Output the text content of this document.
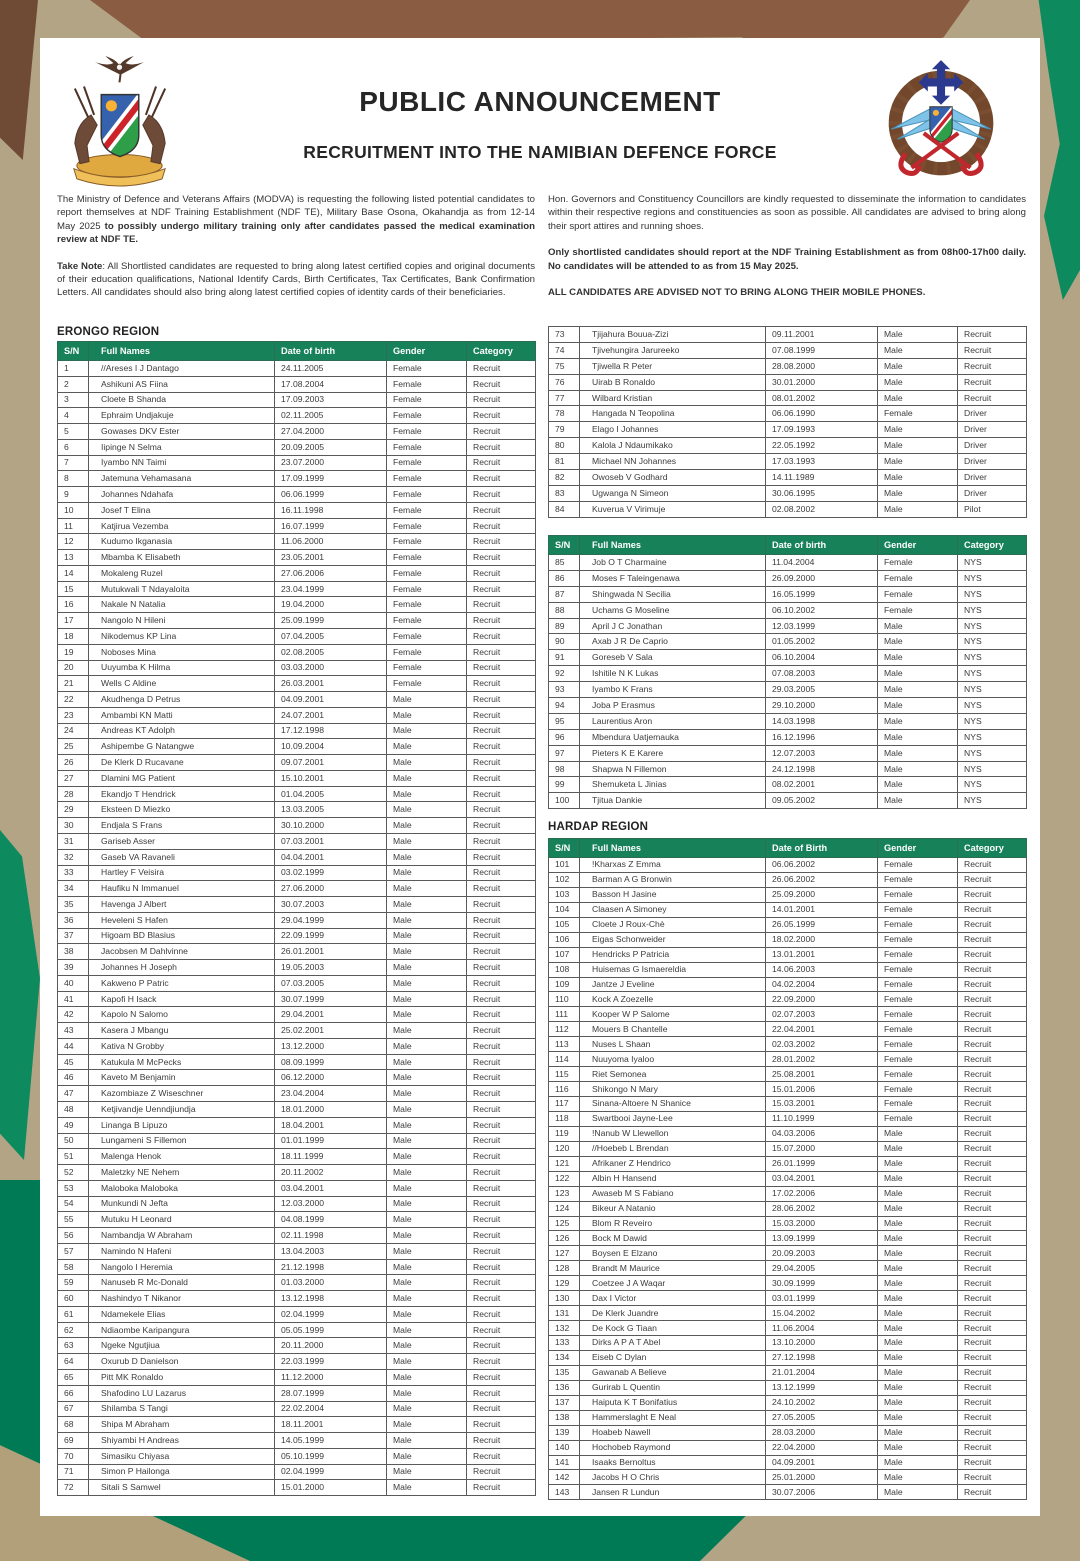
PUBLIC ANNOUNCEMENT
RECRUITMENT INTO THE NAMIBIAN DEFENCE FORCE

The Ministry of Defence and Veterans Affairs (MODVA) is requesting the following listed potential candidates to report themselves at NDF Training Establishment (NDF TE), Military Base Osona, Okahandja as from 12-14 May 2025 to possibly undergo military training only after candidates passed the medical examination review at NDF TE.

Take Note: All Shortlisted candidates are requested to bring along latest certified copies and original documents of their education qualifications, National Identify Cards, Birth Certificates, Tax Certificates, Bank Confirmation Letters. All candidates should also bring along latest certified copies of identity cards of their beneficiaries.

Hon. Governors and Constituency Councillors are kindly requested to disseminate the information to candidates within their respective regions and constituencies as soon as possible. All candidates are advised to bring along their sport attires and running shoes.

Only shortlisted candidates should report at the NDF Training Establishment as from 08h00-17h00 daily. No candidates will be attended to as from 15 May 2025.

ALL CANDIDATES ARE ADVISED NOT TO BRING ALONG THEIR MOBILE PHONES.

ERONGO REGION
S/N	Full Names	Date of birth	Gender	Category
1	//Areses I J Dantago	24.11.2005	Female	Recruit
2	Ashikuni AS Fiina	17.08.2004	Female	Recruit
3	Cloete B Shanda	17.09.2003	Female	Recruit
4	Ephraim Undjakuje	02.11.2005	Female	Recruit
5	Gowases DKV Ester	27.04.2000	Female	Recruit
6	Iipinge N Selma	20.09.2005	Female	Recruit
7	Iyambo NN Taimi	23.07.2000	Female	Recruit
8	Jatemuna Vehamasana	17.09.1999	Female	Recruit
9	Johannes Ndahafa	06.06.1999	Female	Recruit
10	Josef T Elina	16.11.1998	Female	Recruit
11	Katjirua Vezemba	16.07.1999	Female	Recruit
12	Kudumo Ikganasia	11.06.2000	Female	Recruit
13	Mbamba K Elisabeth	23.05.2001	Female	Recruit
14	Mokaleng Ruzel	27.06.2006	Female	Recruit
15	Mutukwali T Ndayaloita	23.04.1999	Female	Recruit
16	Nakale N Natalia	19.04.2000	Female	Recruit
17	Nangolo N Hileni	25.09.1999	Female	Recruit
18	Nikodemus KP Lina	07.04.2005	Female	Recruit
19	Noboses Mina	02.08.2005	Female	Recruit
20	Uuyumba K Hilma	03.03.2000	Female	Recruit
21	Wells C Aldine	26.03.2001	Female	Recruit
22	Akudhenga D Petrus	04.09.2001	Male	Recruit
23	Ambambi KN Matti	24.07.2001	Male	Recruit
24	Andreas KT Adolph	17.12.1998	Male	Recruit
25	Ashipembe G Natangwe	10.09.2004	Male	Recruit
26	De Klerk D Rucavane	09.07.2001	Male	Recruit
27	Dlamini MG Patient	15.10.2001	Male	Recruit
28	Ekandjo T Hendrick	01.04.2005	Male	Recruit
29	Eksteen D Miezko	13.03.2005	Male	Recruit
30	Endjala S Frans	30.10.2000	Male	Recruit
31	Gariseb Asser	07.03.2001	Male	Recruit
32	Gaseb VA Ravaneli	04.04.2001	Male	Recruit
33	Hartley F Veisira	03.02.1999	Male	Recruit
34	Haufiku N Immanuel	27.06.2000	Male	Recruit
35	Havenga J Albert	30.07.2003	Male	Recruit
36	Heveleni S Hafen	29.04.1999	Male	Recruit
37	Higoam BD Blasius	22.09.1999	Male	Recruit
38	Jacobsen M Dahlvinne	26.01.2001	Male	Recruit
39	Johannes H Joseph	19.05.2003	Male	Recruit
40	Kakweno P Patric	07.03.2005	Male	Recruit
41	Kapofi H Isack	30.07.1999	Male	Recruit
42	Kapolo N Salomo	29.04.2001	Male	Recruit
43	Kasera J Mbangu	25.02.2001	Male	Recruit
44	Kativa N Grobby	13.12.2000	Male	Recruit
45	Katukula M McPecks	08.09.1999	Male	Recruit
46	Kaveto M Benjamin	06.12.2000	Male	Recruit
47	Kazombiaze Z Wiseschner	23.04.2004	Male	Recruit
48	Ketjivandje Uenndjiundja	18.01.2000	Male	Recruit
49	Linanga B Lipuzo	18.04.2001	Male	Recruit
50	Lungameni S Fillemon	01.01.1999	Male	Recruit
51	Malenga Henok	18.11.1999	Male	Recruit
52	Maletzky NE Nehem	20.11.2002	Male	Recruit
53	Maloboka Maloboka	03.04.2001	Male	Recruit
54	Munkundi N Jefta	12.03.2000	Male	Recruit
55	Mutuku H Leonard	04.08.1999	Male	Recruit
56	Nambandja W Abraham	02.11.1998	Male	Recruit
57	Namindo N Hafeni	13.04.2003	Male	Recruit
58	Nangolo I Heremia	21.12.1998	Male	Recruit
59	Nanuseb R Mc-Donald	01.03.2000	Male	Recruit
60	Nashindyo T Nikanor	13.12.1998	Male	Recruit
61	Ndamekele Elias	02.04.1999	Male	Recruit
62	Ndiaombe Karipangura	05.05.1999	Male	Recruit
63	Ngeke Ngutjiua	20.11.2000	Male	Recruit
64	Oxurub D Danielson	22.03.1999	Male	Recruit
65	Pitt MK Ronaldo	11.12.2000	Male	Recruit
66	Shafodino LU Lazarus	28.07.1999	Male	Recruit
67	Shilamba S Tangi	22.02.2004	Male	Recruit
68	Shipa M Abraham	18.11.2001	Male	Recruit
69	Shiyambi H Andreas	14.05.1999	Male	Recruit
70	Simasiku Chiyasa	05.10.1999	Male	Recruit
71	Simon P Hailonga	02.04.1999	Male	Recruit
72	Sitali S Samwel	15.01.2000	Male	Recruit
73	Tjijahura Bouua-Zizi	09.11.2001	Male	Recruit
74	Tjivehungira Jarureeko	07.08.1999	Male	Recruit
75	Tjiwella R Peter	28.08.2000	Male	Recruit
76	Uirab B Ronaldo	30.01.2000	Male	Recruit
77	Wilbard Kristian	08.01.2002	Male	Recruit
78	Hangada N Teopolina	06.06.1990	Female	Driver
79	Elago I Johannes	17.09.1993	Male	Driver
80	Kalola J Ndaumikako	22.05.1992	Male	Driver
81	Michael NN Johannes	17.03.1993	Male	Driver
82	Owoseb V Godhard	14.11.1989	Male	Driver
83	Ugwanga N Simeon	30.06.1995	Male	Driver
84	Kuverua V Virimuje	02.08.2002	Male	Pilot
S/N	Full Names	Date of birth	Gender	Category
85	Job O T Charmaine	11.04.2004	Female	NYS
86	Moses F Taleingenawa	26.09.2000	Female	NYS
87	Shingwada N Secilia	16.05.1999	Female	NYS
88	Uchams G Moseline	06.10.2002	Female	NYS
89	April J C Jonathan	12.03.1999	Male	NYS
90	Axab J R De Caprio	01.05.2002	Male	NYS
91	Goreseb V Sala	06.10.2004	Male	NYS
92	Ishitile N K Lukas	07.08.2003	Male	NYS
93	Iyambo K Frans	29.03.2005	Male	NYS
94	Joba P Erasmus	29.10.2000	Male	NYS
95	Laurentius Aron	14.03.1998	Male	NYS
96	Mbendura Uatjemauka	16.12.1996	Male	NYS
97	Pieters K E Karere	12.07.2003	Male	NYS
98	Shapwa N Fillemon	24.12.1998	Male	NYS
99	Shemuketa L Jinias	08.02.2001	Male	NYS
100	Tjitua Dankie	09.05.2002	Male	NYS
HARDAP REGION
S/N	Full Names	Date of Birth	Gender	Category
101	!Kharxas Z Emma	06.06.2002	Female	Recruit
102	Barman A G Bronwin	26.06.2002	Female	Recruit
103	Basson H Jasine	25.09.2000	Female	Recruit
104	Claasen A Simoney	14.01.2001	Female	Recruit
105	Cloete J Roux-Chè	26.05.1999	Female	Recruit
106	Eigas Schonweider	18.02.2000	Female	Recruit
107	Hendricks P Patricia	13.01.2001	Female	Recruit
108	Huisemas G Ismaereldia	14.06.2003	Female	Recruit
109	Jantze J Eveline	04.02.2004	Female	Recruit
110	Kock A Zoezelle	22.09.2000	Female	Recruit
111	Kooper W P Salome	02.07.2003	Female	Recruit
112	Mouers B Chantelle	22.04.2001	Female	Recruit
113	Nuses L Shaan	02.03.2002	Female	Recruit
114	Nuuyoma Iyaloo	28.01.2002	Female	Recruit
115	Riet Semonea	25.08.2001	Female	Recruit
116	Shikongo N Mary	15.01.2006	Female	Recruit
117	Sinana-Altoere N Shanice	15.03.2001	Female	Recruit
118	Swartbooi Jayne-Lee	11.10.1999	Female	Recruit
119	!Nanub W Llewellon	04.03.2006	Male	Recruit
120	//Hoebeb L Brendan	15.07.2000	Male	Recruit
121	Afrikaner Z Hendrico	26.01.1999	Male	Recruit
122	Albin H Hansend	03.04.2001	Male	Recruit
123	Awaseb M S Fabiano	17.02.2006	Male	Recruit
124	Bikeur A Natanio	28.06.2002	Male	Recruit
125	Blom R Reveiro	15.03.2000	Male	Recruit
126	Bock M Dawid	13.09.1999	Male	Recruit
127	Boysen E Elzano	20.09.2003	Male	Recruit
128	Brandt M Maurice	29.04.2005	Male	Recruit
129	Coetzee J A Waqar	30.09.1999	Male	Recruit
130	Dax I Victor	03.01.1999	Male	Recruit
131	De Klerk Juandre	15.04.2002	Male	Recruit
132	De Kock G Tiaan	11.06.2004	Male	Recruit
133	Dirks A P A T Abel	13.10.2000	Male	Recruit
134	Eiseb C Dylan	27.12.1998	Male	Recruit
135	Gawanab A Believe	21.01.2004	Male	Recruit
136	Gurirab L Quentin	13.12.1999	Male	Recruit
137	Haiputa K T Bonifatius	24.10.2002	Male	Recruit
138	Hammerslaght E Neal	27.05.2005	Male	Recruit
139	Hoabeb Nawell	28.03.2000	Male	Recruit
140	Hochobeb Raymond	22.04.2000	Male	Recruit
141	Isaaks Bernoltus	04.09.2001	Male	Recruit
142	Jacobs H O Chris	25.01.2000	Male	Recruit
143	Jansen R Lundun	30.07.2006	Male	Recruit
